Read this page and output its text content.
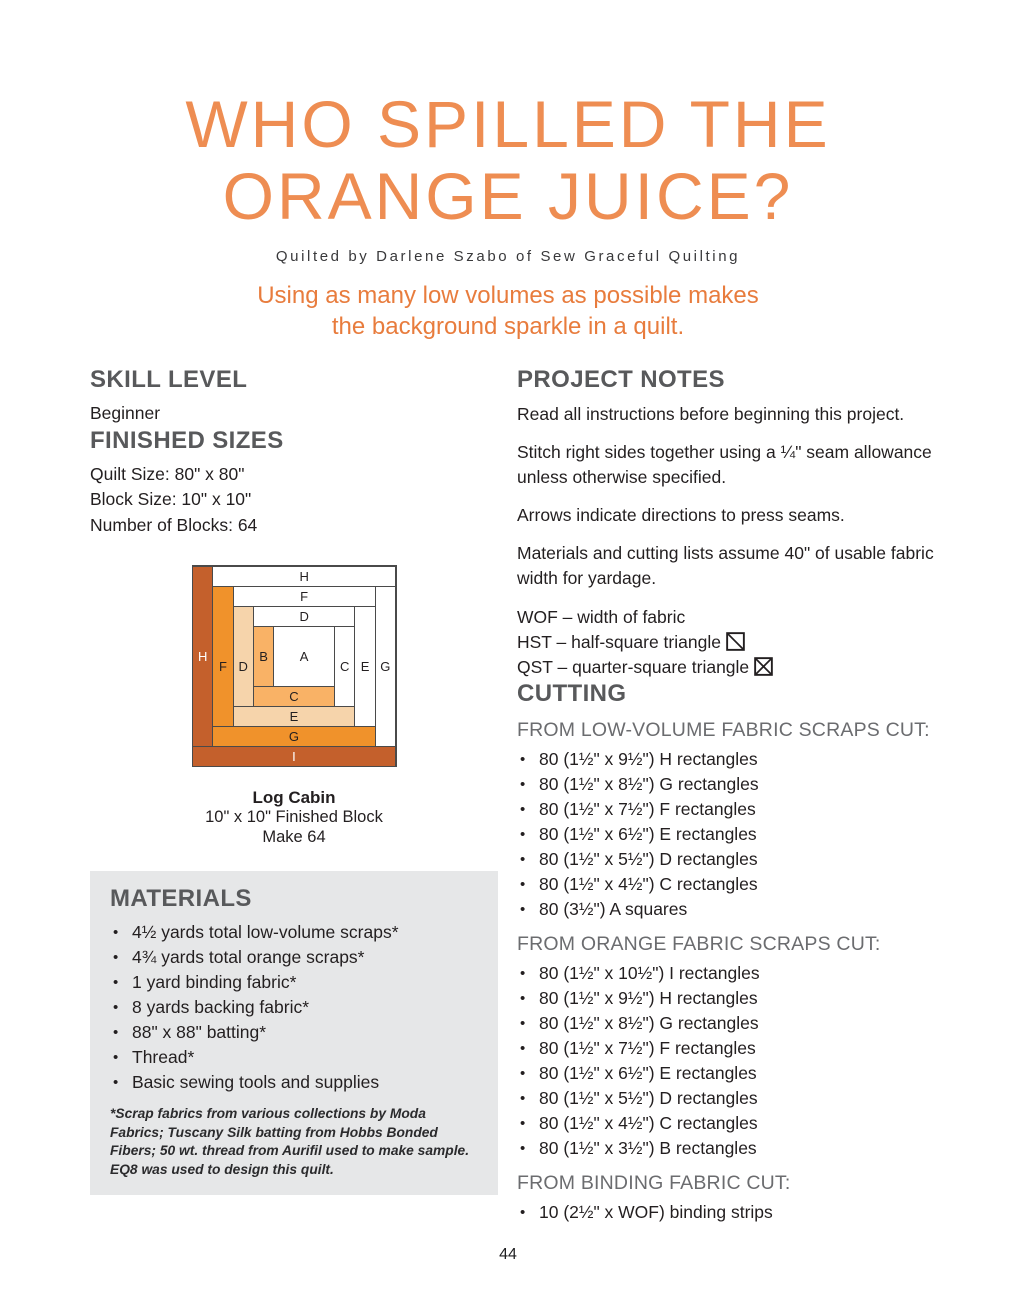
WHO SPILLED THE
ORANGE JUICE?
Quilted by Darlene Szabo of Sew Graceful Quilting
Using as many low volumes as possible makes
the background sparkle in a quilt.
SKILL LEVEL
Beginner
FINISHED SIZES
Quilt Size: 80" x 80"
Block Size: 10" x 10"
Number of Blocks: 64
H
H
F
F
G
D
D
E
B	A
C
C
E
G
I
Log Cabin
10" x 10" Finished Block
Make 64
MATERIALS
• 4½ yards total low-volume scraps*
• 4¾ yards total orange scraps*
• 1 yard binding fabric*
• 8 yards backing fabric*
• 88" x 88" batting*
• Thread*
• Basic sewing tools and supplies
*Scrap fabrics from various collections by Moda Fabrics; Tuscany Silk batting from Hobbs Bonded Fibers; 50 wt. thread from Aurifil used to make sample. EQ8 was used to design this quilt.
PROJECT NOTES

Read all instructions before beginning this project.

Stitch right sides together using a ¼" seam allowance unless otherwise specified.

Arrows indicate directions to press seams.

Materials and cutting lists assume 40" of usable fabric width for yardage.

WOF – width of fabric
HST – half-square triangle
QST – quarter-square triangle
CUTTING
FROM LOW-VOLUME FABRIC SCRAPS CUT:
• 80 (1½" x 9½") H rectangles
• 80 (1½" x 8½") G rectangles
• 80 (1½" x 7½") F rectangles
• 80 (1½" x 6½") E rectangles
• 80 (1½" x 5½") D rectangles
• 80 (1½" x 4½") C rectangles
• 80 (3½") A squares
FROM ORANGE FABRIC SCRAPS CUT:
• 80 (1½" x 10½") I rectangles
• 80 (1½" x 9½") H rectangles
• 80 (1½" x 8½") G rectangles
• 80 (1½" x 7½") F rectangles
• 80 (1½" x 6½") E rectangles
• 80 (1½" x 5½") D rectangles
• 80 (1½" x 4½") C rectangles
• 80 (1½" x 3½") B rectangles
FROM BINDING FABRIC CUT:
• 10 (2½" x WOF) binding strips
44
